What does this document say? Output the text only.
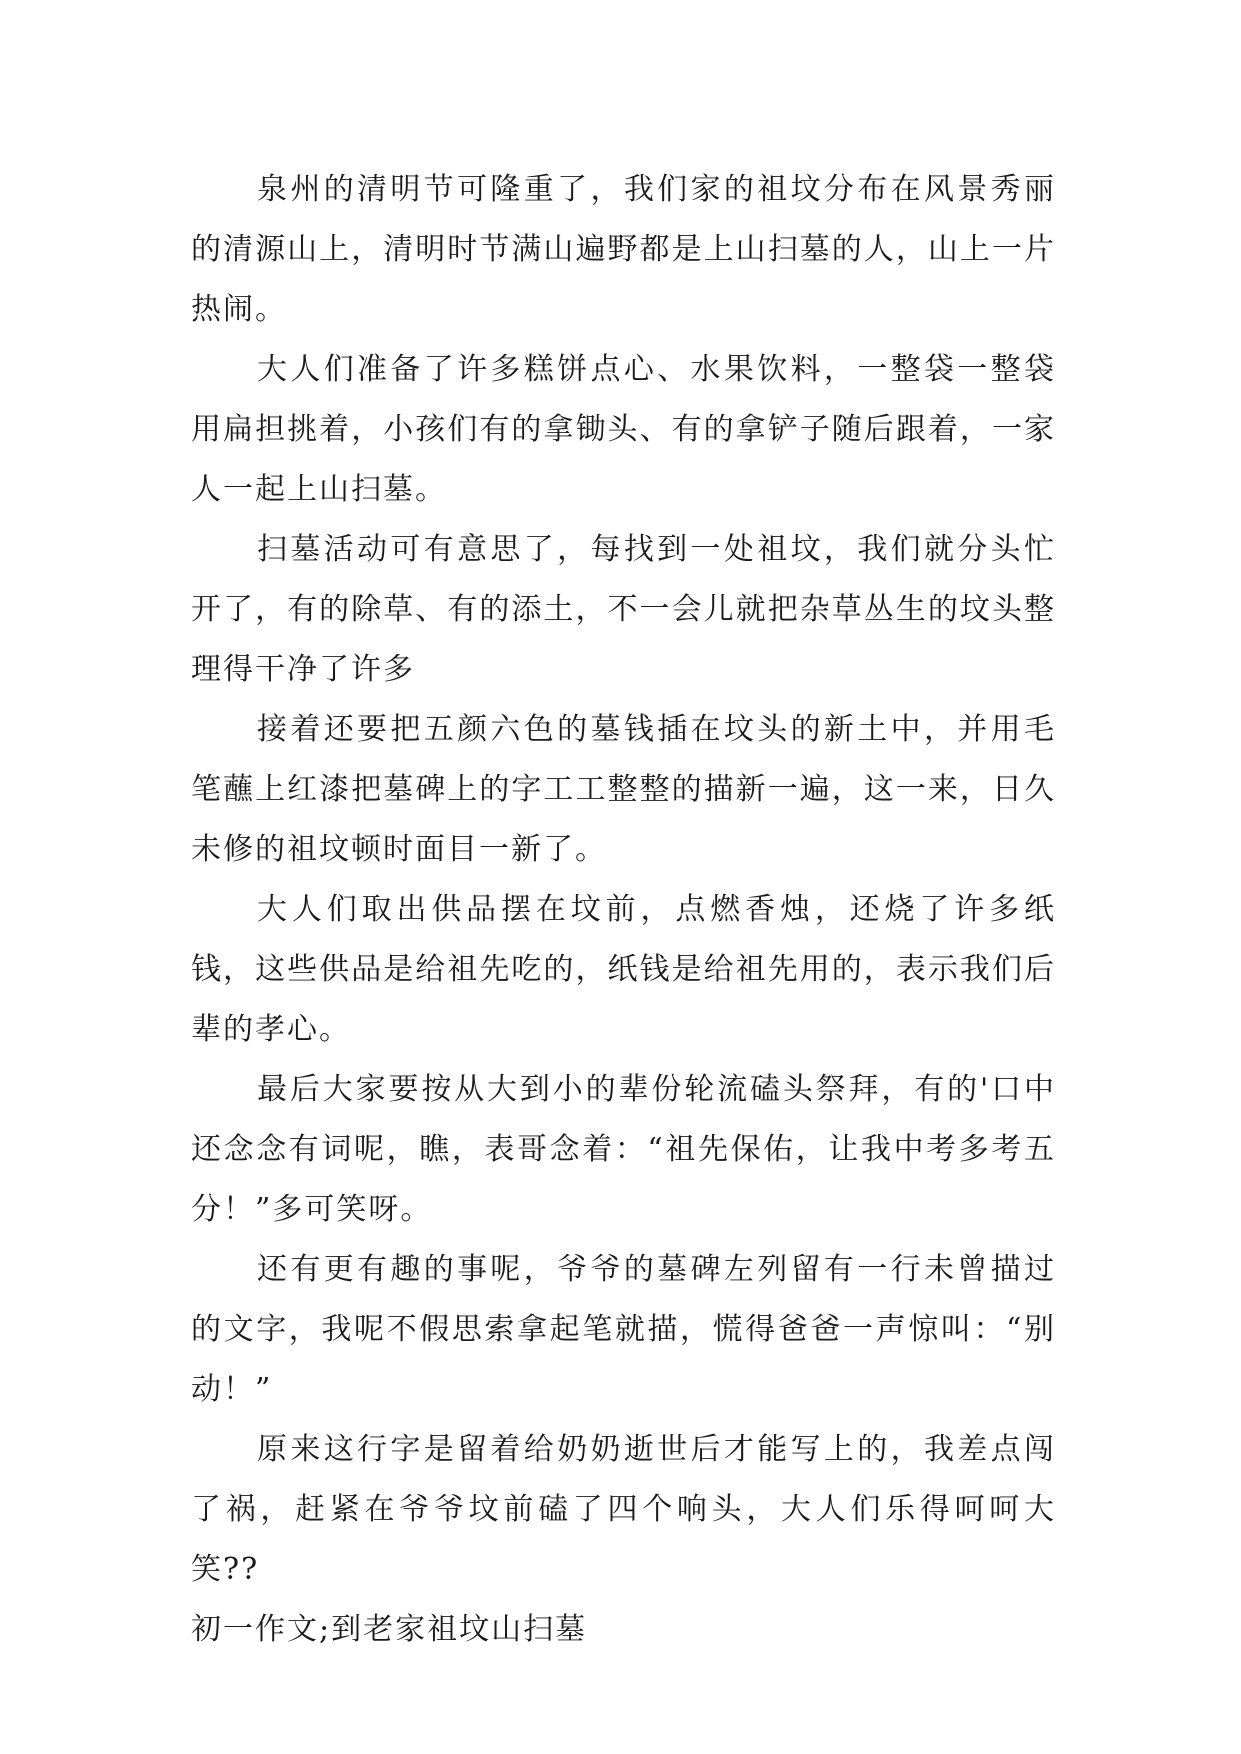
泉州的清明节可隆重了，我们家的祖坟分布在风景秀丽的清源山上，清明时节满山遍野都是上山扫墓的人，山上一片热闹。

大人们准备了许多糕饼点心、水果饮料，一整袋一整袋用扁担挑着，小孩们有的拿锄头、有的拿铲子随后跟着，一家人一起上山扫墓。

扫墓活动可有意思了，每找到一处祖坟，我们就分头忙开了，有的除草、有的添土，不一会儿就把杂草丛生的坟头整理得干净了许多

接着还要把五颜六色的墓钱插在坟头的新土中，并用毛笔蘸上红漆把墓碑上的字工工整整的描新一遍，这一来，日久未修的祖坟顿时面目一新了。

大人们取出供品摆在坟前，点燃香烛，还烧了许多纸钱，这些供品是给祖先吃的，纸钱是给祖先用的，表示我们后辈的孝心。

最后大家要按从大到小的辈份轮流磕头祭拜，有的'口中还念念有词呢，瞧，表哥念着：“祖先保佑，让我中考多考五分！”多可笑呀。

还有更有趣的事呢，爷爷的墓碑左列留有一行未曾描过的文字，我呢不假思索拿起笔就描，慌得爸爸一声惊叫：“别动！”

原来这行字是留着给奶奶逝世后才能写上的，我差点闯了祸，赶紧在爷爷坟前磕了四个响头，大人们乐得呵呵大笑??

初一作文;到老家祖坟山扫墓
